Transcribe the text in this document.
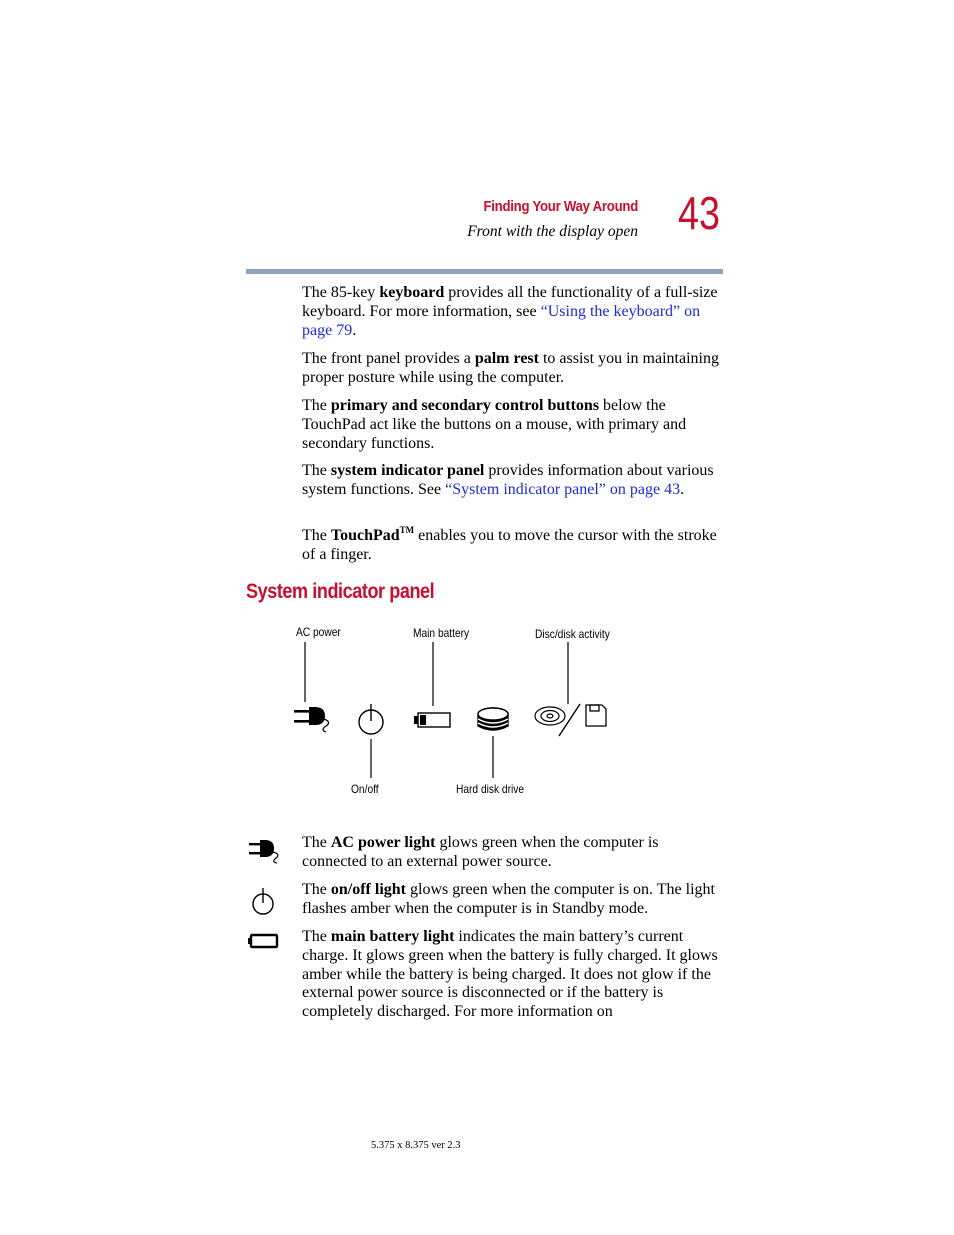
Finding Your Way Around
Front with the display open 43

The 85-key keyboard provides all the functionality of a full-size keyboard. For more information, see “Using the keyboard” on page 79.

The front panel provides a palm rest to assist you in maintaining proper posture while using the computer.

The primary and secondary control buttons below the TouchPad act like the buttons on a mouse, with primary and secondary functions.

The system indicator panel provides information about various system functions. See “System indicator panel” on page 43.

The TouchPad™ enables you to move the cursor with the stroke of a finger.

System indicator panel
AC power	Main battery	Disc/disk activity
On/off	Hard disk drive

The AC power light glows green when the computer is connected to an external power source.

The on/off light glows green when the computer is on. The light flashes amber when the computer is in Standby mode.

The main battery light indicates the main battery’s current charge. It glows green when the battery is fully charged. It glows amber while the battery is being charged. It does not glow if the external power source is disconnected or if the battery is completely discharged. For more information on

5.375 x 8.375 ver 2.3
